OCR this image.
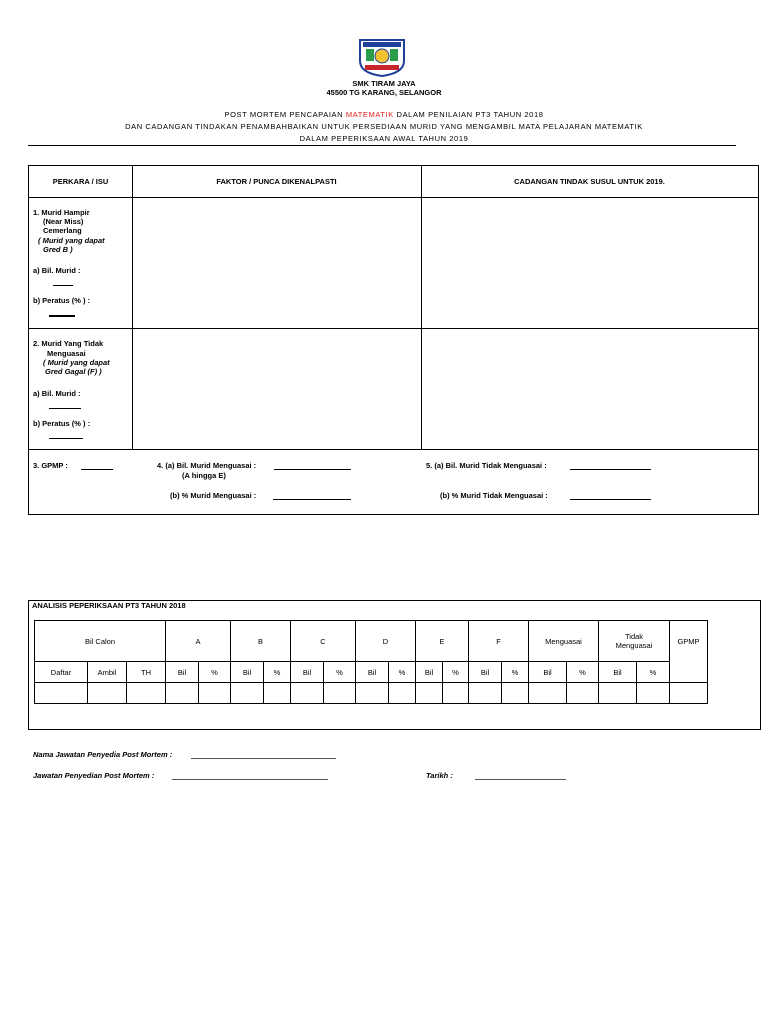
SMK TIRAM JAYA
45500 TG KARANG, SELANGOR
POST MORTEM PENCAPAIAN MATEMATIK DALAM PENILAIAN PT3 TAHUN 2018
DAN CADANGAN TINDAKAN PENAMBAHBAIKAN UNTUK PERSEDIAAN MURID YANG MENGAMBIL MATA PELAJARAN MATEMATIK
DALAM PEPERIKSAAN AWAL TAHUN 2019
PERKARA / ISU	FAKTOR / PUNCA DIKENALPASTI	CADANGAN TINDAK SUSUL UNTUK 2019.
1. Murid Hampir
(Near Miss)
Cemerlang
( Murid yang dapat
Gred B )
a) Bil. Murid :
b) Peratus (% ) :
2. Murid Yang Tidak
Menguasai
( Murid yang dapat
Gred Gagal (F) )
a) Bil. Murid :
b) Peratus (% ) :
3. GPMP :	4. (a) Bil. Murid Menguasai :
(A hingga E)
(b) % Murid Menguasai :
5. (a) Bil. Murid Tidak Menguasai :
(b) % Murid Tidak Menguasai :
ANALISIS PEPERIKSAAN PT3 TAHUN 2018
Bil Calon			A		B		C		D		E		F		Menguasai		Tidak
Menguasai		GPMP
Daftar	Ambil	TH	Bil	%	Bil	%	Bil	%	Bil	%	Bil	%	Bil	%	Bil	%	Bil	%	

Nama Jawatan Penyedia Post Mortem :
Jawatan Penyedian Post Mortem :	Tarikh :
